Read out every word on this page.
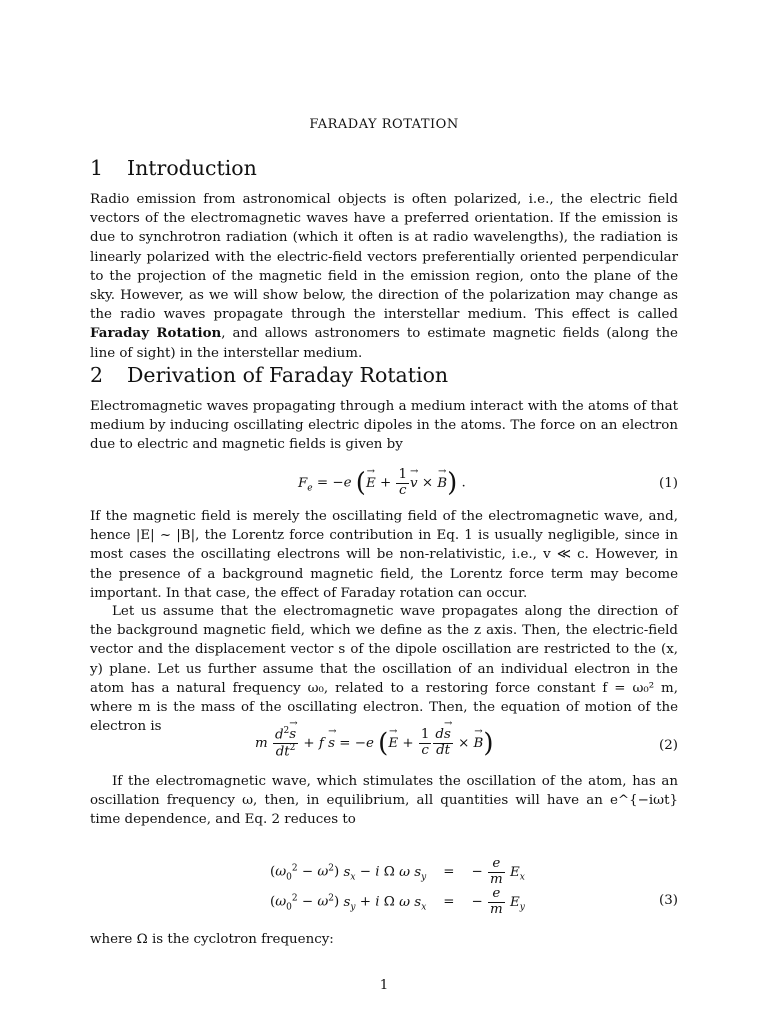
FARADAY ROTATION
1 Introduction

Radio emission from astronomical objects is often polarized, i.e., the electric field vectors of the electromagnetic waves have a preferred orientation. If the emission is due to synchrotron radiation (which it often is at radio wavelengths), the radiation is linearly polarized with the electric-field vectors preferentially oriented perpendicular to the projection of the magnetic field in the emission region, onto the plane of the sky. However, as we will show below, the direction of the polarization may change as the radio waves propagate through the interstellar medium. This effect is called Faraday Rotation, and allows astronomers to estimate magnetic fields (along the line of sight) in the interstellar medium.

2 Derivation of Faraday Rotation

Electromagnetic waves propagating through a medium interact with the atoms of that medium by inducing oscillating electric dipoles in the atoms. The force on an electron due to electric and magnetic fields is given by

$F_e = -e$ (→ $E + \frac{1}{c}$
→ v × → B) .	(1)

If the magnetic field is merely the oscillating field of the electromagnetic wave, and, hence |E| ~ |B|, the Lorentz force contribution in Eq. 1 is usually negligible, since in most cases the oscillating electrons will be non-relativistic, i.e., v ≪ c. However, in the presence of a background magnetic field, the Lorentz force term may become important. In that case, the effect of Faraday rotation can occur.

Let us assume that the electromagnetic wave propagates along the direction of the background magnetic field, which we define as the z axis. Then, the electric-field vector and the displacement vector s of the dipole oscillation are restricted to the (x, y) plane. Let us further assume that the oscillation of an individual electron in the atom has a natural frequency ω₀, related to a restoring force constant f = ω₀² m, where m is the mass of the oscillating electron. Then, the equation of motion of the electron is

m $\frac{d^2\to s}{dt^2} + f \to s = -e$ (→ $E + \frac{1}{c} \frac{d\to s}{dt}$ × → B)	(2)

If the electromagnetic wave, which stimulates the oscillation of the atom, has an oscillation frequency ω, then, in equilibrium, all quantities will have an e^{−iωt} time dependence, and Eq. 2 reduces to

$(\omega_0^2 - \omega^2) s_x - i$ Ω ω $s_y$    =    − $\frac{e}{m} E_x$
$(\omega_0^2 - \omega^2) s_y + i$ Ω ω $s_x$    =    − $\frac{e}{m} E_y$	(3)

where Ω is the cyclotron frequency:

1
